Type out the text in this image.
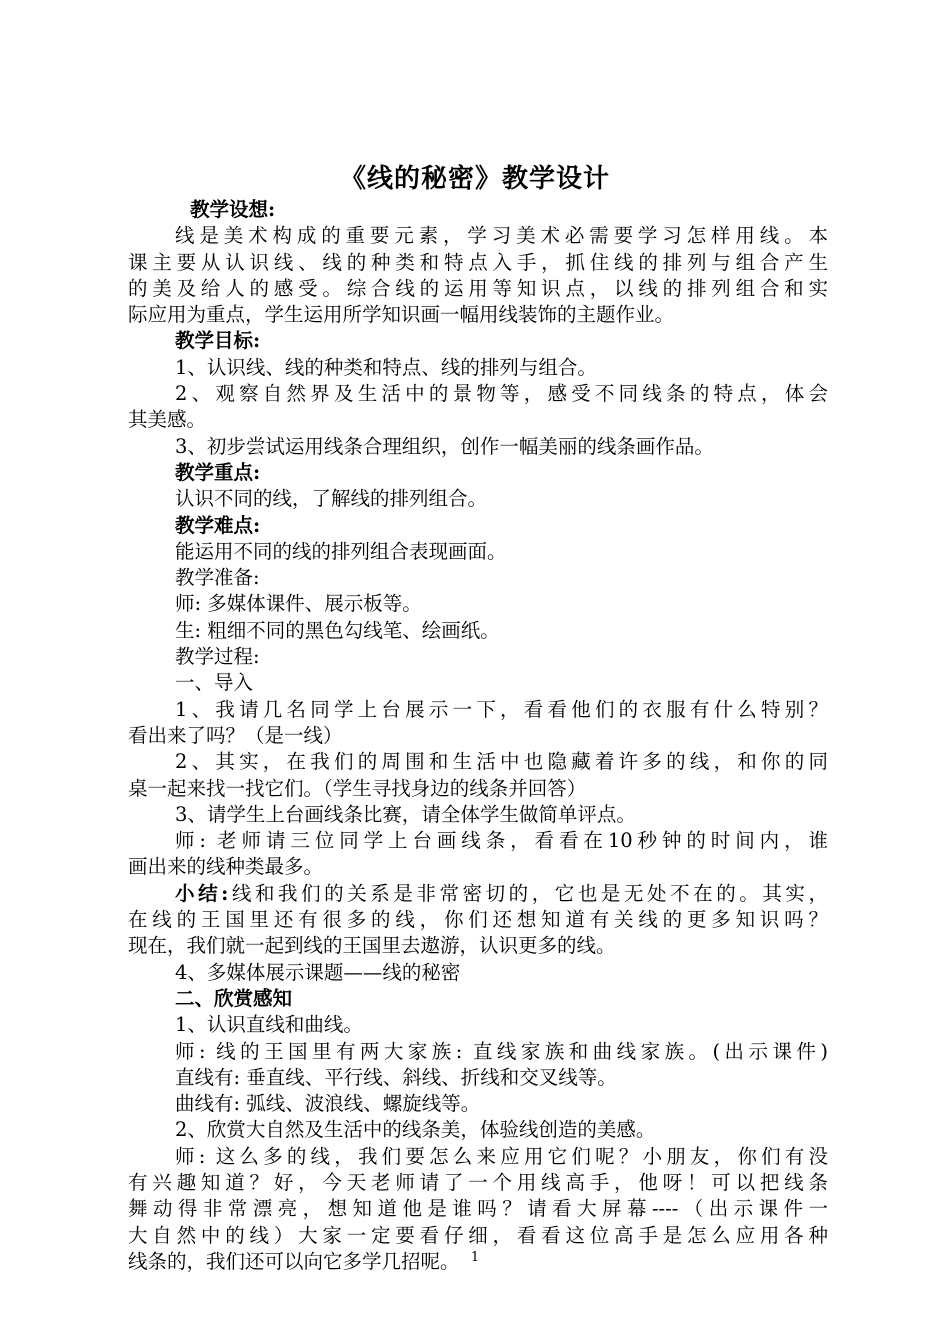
《线的秘密》教学设计
教学设想:
线是美术构成的重要元素，学习美术必需要学习怎样用线。本
课主要从认识线、线的种类和特点入手，抓住线的排列与组合产生
的美及给人的感受。综合线的运用等知识点，以线的排列组合和实
际应用为重点，学生运用所学知识画一幅用线装饰的主题作业。
教学目标:
1、认识线、线的种类和特点、线的排列与组合。
2、观察自然界及生活中的景物等，感受不同线条的特点，体会
其美感。
3、初步尝试运用线条合理组织，创作一幅美丽的线条画作品。
教学重点:
认识不同的线，了解线的排列组合。
教学难点:
能运用不同的线的排列组合表现画面。
教学准备:
师: 多媒体课件、展示板等。
生: 粗细不同的黑色勾线笔、绘画纸。
教学过程:
一、导入
1、我请几名同学上台展示一下，看看他们的衣服有什么特别？
看出来了吗？（是一线）
2、其实，在我们的周围和生活中也隐藏着许多的线，和你的同
桌一起来找一找它们。（学生寻找身边的线条并回答）
3、请学生上台画线条比赛，请全体学生做简单评点。
师: 老师请三位同学上台画线条，看看在10秒钟的时间内，谁
画出来的线种类最多。
小结:线和我们的关系是非常密切的，它也是无处不在的。其实，
在线的王国里还有很多的线，你们还想知道有关线的更多知识吗？
现在，我们就一起到线的王国里去遨游，认识更多的线。
4、多媒体展示课题——线的秘密
二、欣赏感知
1、认识直线和曲线。
师: 线的王国里有两大家族: 直线家族和曲线家族。(出示课件)
直线有: 垂直线、平行线、斜线、折线和交叉线等。
曲线有: 弧线、波浪线、螺旋线等。
2、欣赏大自然及生活中的线条美，体验线创造的美感。
师: 这么多的线，我们要怎么来应用它们呢？小朋友，你们有没
有兴趣知道？好，今天老师请了一个用线高手，他呀！可以把线条
舞动得非常漂亮，想知道他是谁吗？请看大屏幕----（出示课件一
大自然中的线）大家一定要看仔细，看看这位高手是怎么应用各种
线条的，我们还可以向它多学几招呢。 1
